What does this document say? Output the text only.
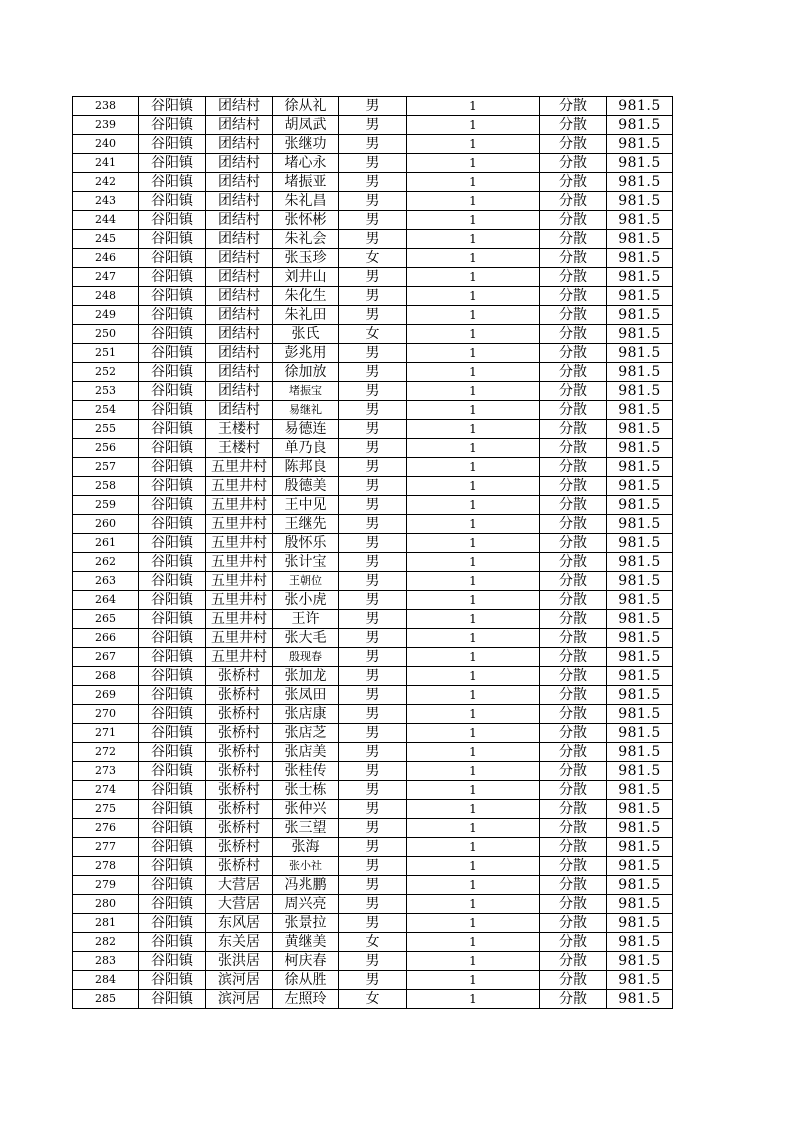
238	谷阳镇	团结村	徐从礼	男	1	分散	981.5
239	谷阳镇	团结村	胡凤武	男	1	分散	981.5
240	谷阳镇	团结村	张继功	男	1	分散	981.5
241	谷阳镇	团结村	堵心永	男	1	分散	981.5
242	谷阳镇	团结村	堵振亚	男	1	分散	981.5
243	谷阳镇	团结村	朱礼昌	男	1	分散	981.5
244	谷阳镇	团结村	张怀彬	男	1	分散	981.5
245	谷阳镇	团结村	朱礼会	男	1	分散	981.5
246	谷阳镇	团结村	张玉珍	女	1	分散	981.5
247	谷阳镇	团结村	刘井山	男	1	分散	981.5
248	谷阳镇	团结村	朱化生	男	1	分散	981.5
249	谷阳镇	团结村	朱礼田	男	1	分散	981.5
250	谷阳镇	团结村	张氏	女	1	分散	981.5
251	谷阳镇	团结村	彭兆用	男	1	分散	981.5
252	谷阳镇	团结村	徐加放	男	1	分散	981.5
253	谷阳镇	团结村	堵振宝	男	1	分散	981.5
254	谷阳镇	团结村	易继礼	男	1	分散	981.5
255	谷阳镇	王楼村	易德连	男	1	分散	981.5
256	谷阳镇	王楼村	单乃良	男	1	分散	981.5
257	谷阳镇	五里井村	陈邦良	男	1	分散	981.5
258	谷阳镇	五里井村	殷德美	男	1	分散	981.5
259	谷阳镇	五里井村	王中见	男	1	分散	981.5
260	谷阳镇	五里井村	王继先	男	1	分散	981.5
261	谷阳镇	五里井村	殷怀乐	男	1	分散	981.5
262	谷阳镇	五里井村	张计宝	男	1	分散	981.5
263	谷阳镇	五里井村	王朝位	男	1	分散	981.5
264	谷阳镇	五里井村	张小虎	男	1	分散	981.5
265	谷阳镇	五里井村	王许	男	1	分散	981.5
266	谷阳镇	五里井村	张大毛	男	1	分散	981.5
267	谷阳镇	五里井村	殷现春	男	1	分散	981.5
268	谷阳镇	张桥村	张加龙	男	1	分散	981.5
269	谷阳镇	张桥村	张凤田	男	1	分散	981.5
270	谷阳镇	张桥村	张店康	男	1	分散	981.5
271	谷阳镇	张桥村	张店芝	男	1	分散	981.5
272	谷阳镇	张桥村	张店美	男	1	分散	981.5
273	谷阳镇	张桥村	张桂传	男	1	分散	981.5
274	谷阳镇	张桥村	张士栋	男	1	分散	981.5
275	谷阳镇	张桥村	张仲兴	男	1	分散	981.5
276	谷阳镇	张桥村	张三望	男	1	分散	981.5
277	谷阳镇	张桥村	张海	男	1	分散	981.5
278	谷阳镇	张桥村	张小社	男	1	分散	981.5
279	谷阳镇	大营居	冯兆鹏	男	1	分散	981.5
280	谷阳镇	大营居	周兴亮	男	1	分散	981.5
281	谷阳镇	东风居	张景拉	男	1	分散	981.5
282	谷阳镇	东关居	黄继美	女	1	分散	981.5
283	谷阳镇	张洪居	柯庆春	男	1	分散	981.5
284	谷阳镇	滨河居	徐从胜	男	1	分散	981.5
285	谷阳镇	滨河居	左照玲	女	1	分散	981.5
